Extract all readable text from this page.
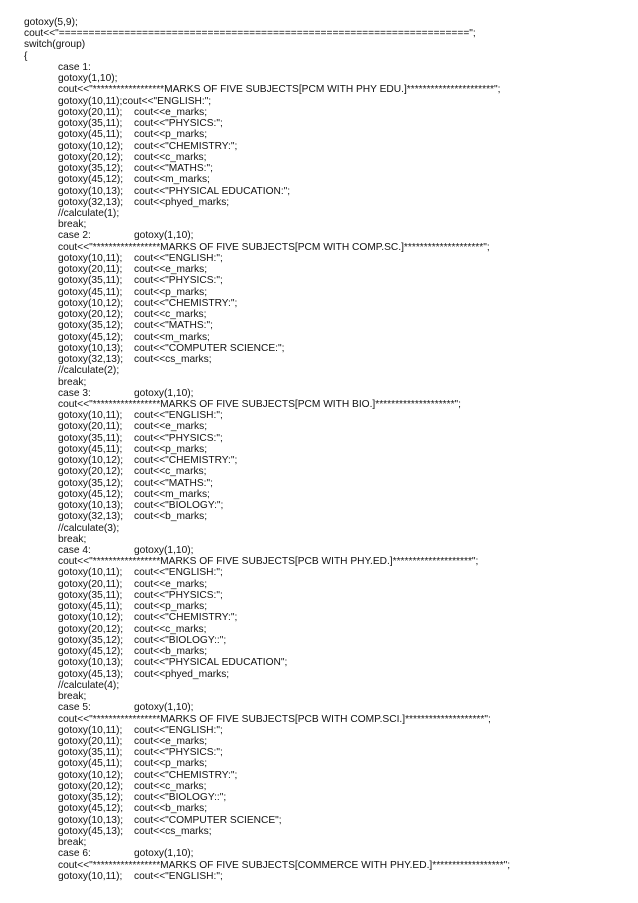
gotoxy(5,9);
cout<<"=====================================================================";
switch(group)
{
case 1:
gotoxy(1,10);
cout<<"******************MARKS OF FIVE SUBJECTS[PCM WITH PHY EDU.]**********************";
gotoxy(10,11);cout<<"ENGLISH:";
gotoxy(20,11); cout<<e_marks;
gotoxy(35,11); cout<<"PHYSICS:";
gotoxy(45,11); cout<<p_marks;
gotoxy(10,12); cout<<"CHEMISTRY:";
gotoxy(20,12); cout<<c_marks;
gotoxy(35,12); cout<<"MATHS:";
gotoxy(45,12); cout<<m_marks;
gotoxy(10,13); cout<<"PHYSICAL EDUCATION:";
gotoxy(32,13); cout<<phyed_marks;
//calculate(1);
break;
case 2:	gotoxy(1,10);
cout<<"*****************MARKS OF FIVE SUBJECTS[PCM WITH COMP.SC.]********************";
gotoxy(10,11); cout<<"ENGLISH:";
gotoxy(20,11); cout<<e_marks;
gotoxy(35,11); cout<<"PHYSICS:";
gotoxy(45,11); cout<<p_marks;
gotoxy(10,12); cout<<"CHEMISTRY:";
gotoxy(20,12); cout<<c_marks;
gotoxy(35,12); cout<<"MATHS:";
gotoxy(45,12); cout<<m_marks;
gotoxy(10,13); cout<<"COMPUTER SCIENCE:";
gotoxy(32,13); cout<<cs_marks;
//calculate(2);
break;
case 3:	gotoxy(1,10);
cout<<"*****************MARKS OF FIVE SUBJECTS[PCM WITH BIO.]********************";
gotoxy(10,11); cout<<"ENGLISH:";
gotoxy(20,11); cout<<e_marks;
gotoxy(35,11); cout<<"PHYSICS:";
gotoxy(45,11); cout<<p_marks;
gotoxy(10,12); cout<<"CHEMISTRY:";
gotoxy(20,12); cout<<c_marks;
gotoxy(35,12); cout<<"MATHS:";
gotoxy(45,12); cout<<m_marks;
gotoxy(10,13); cout<<"BIOLOGY:";
gotoxy(32,13); cout<<b_marks;
//calculate(3);
break;
case 4:	gotoxy(1,10);
cout<<"*****************MARKS OF FIVE SUBJECTS[PCB WITH PHY.ED.]********************";
gotoxy(10,11); cout<<"ENGLISH:";
gotoxy(20,11); cout<<e_marks;
gotoxy(35,11); cout<<"PHYSICS:";
gotoxy(45,11); cout<<p_marks;
gotoxy(10,12); cout<<"CHEMISTRY:";
gotoxy(20,12); cout<<c_marks;
gotoxy(35,12); cout<<"BIOLOGY::";
gotoxy(45,12); cout<<b_marks;
gotoxy(10,13); cout<<"PHYSICAL EDUCATION";
gotoxy(45,13); cout<<phyed_marks;
//calculate(4);
break;
case 5:	gotoxy(1,10);
cout<<"*****************MARKS OF FIVE SUBJECTS[PCB WITH COMP.SCI.]********************";
gotoxy(10,11); cout<<"ENGLISH:";
gotoxy(20,11); cout<<e_marks;
gotoxy(35,11); cout<<"PHYSICS:";
gotoxy(45,11); cout<<p_marks;
gotoxy(10,12); cout<<"CHEMISTRY:";
gotoxy(20,12); cout<<c_marks;
gotoxy(35,12); cout<<"BIOLOGY::";
gotoxy(45,12); cout<<b_marks;
gotoxy(10,13); cout<<"COMPUTER SCIENCE";
gotoxy(45,13); cout<<cs_marks;
break;
case 6:	gotoxy(1,10);
cout<<"*****************MARKS OF FIVE SUBJECTS[COMMERCE WITH PHY.ED.]******************";
gotoxy(10,11); cout<<"ENGLISH:";
